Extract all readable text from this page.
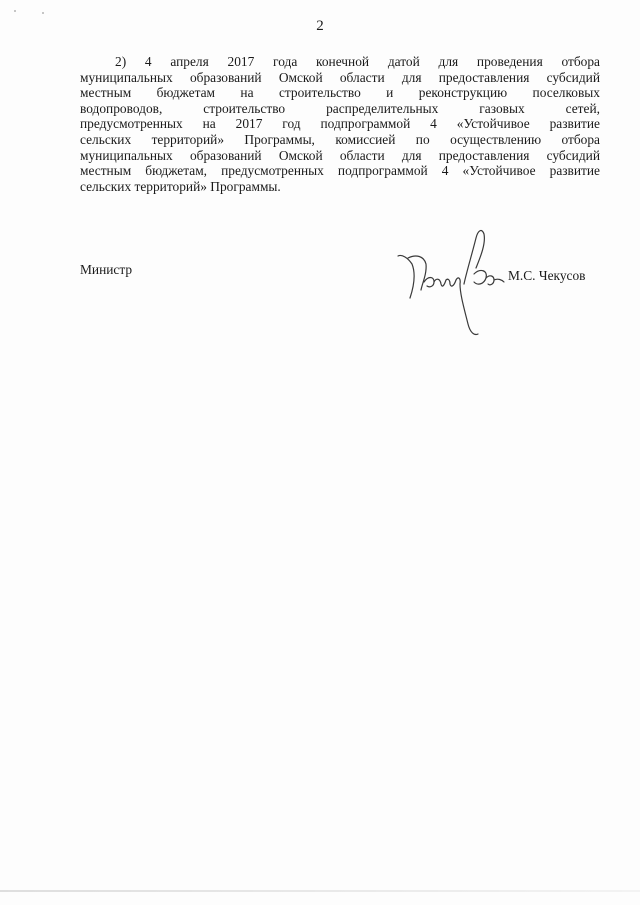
2
2) 4 апреля 2017 года конечной датой для проведения отбора
муниципальных образований Омской области для предоставления субсидий
местным бюджетам на строительство и реконструкцию поселковых
водопроводов, строительство распределительных газовых сетей,
предусмотренных на 2017 год подпрограммой 4 «Устойчивое развитие
сельских территорий» Программы, комиссией по осуществлению отбора
муниципальных образований Омской области для предоставления субсидий
местным бюджетам, предусмотренных подпрограммой 4 «Устойчивое развитие
сельских территорий» Программы.
Министр	М.С. Чекусов
